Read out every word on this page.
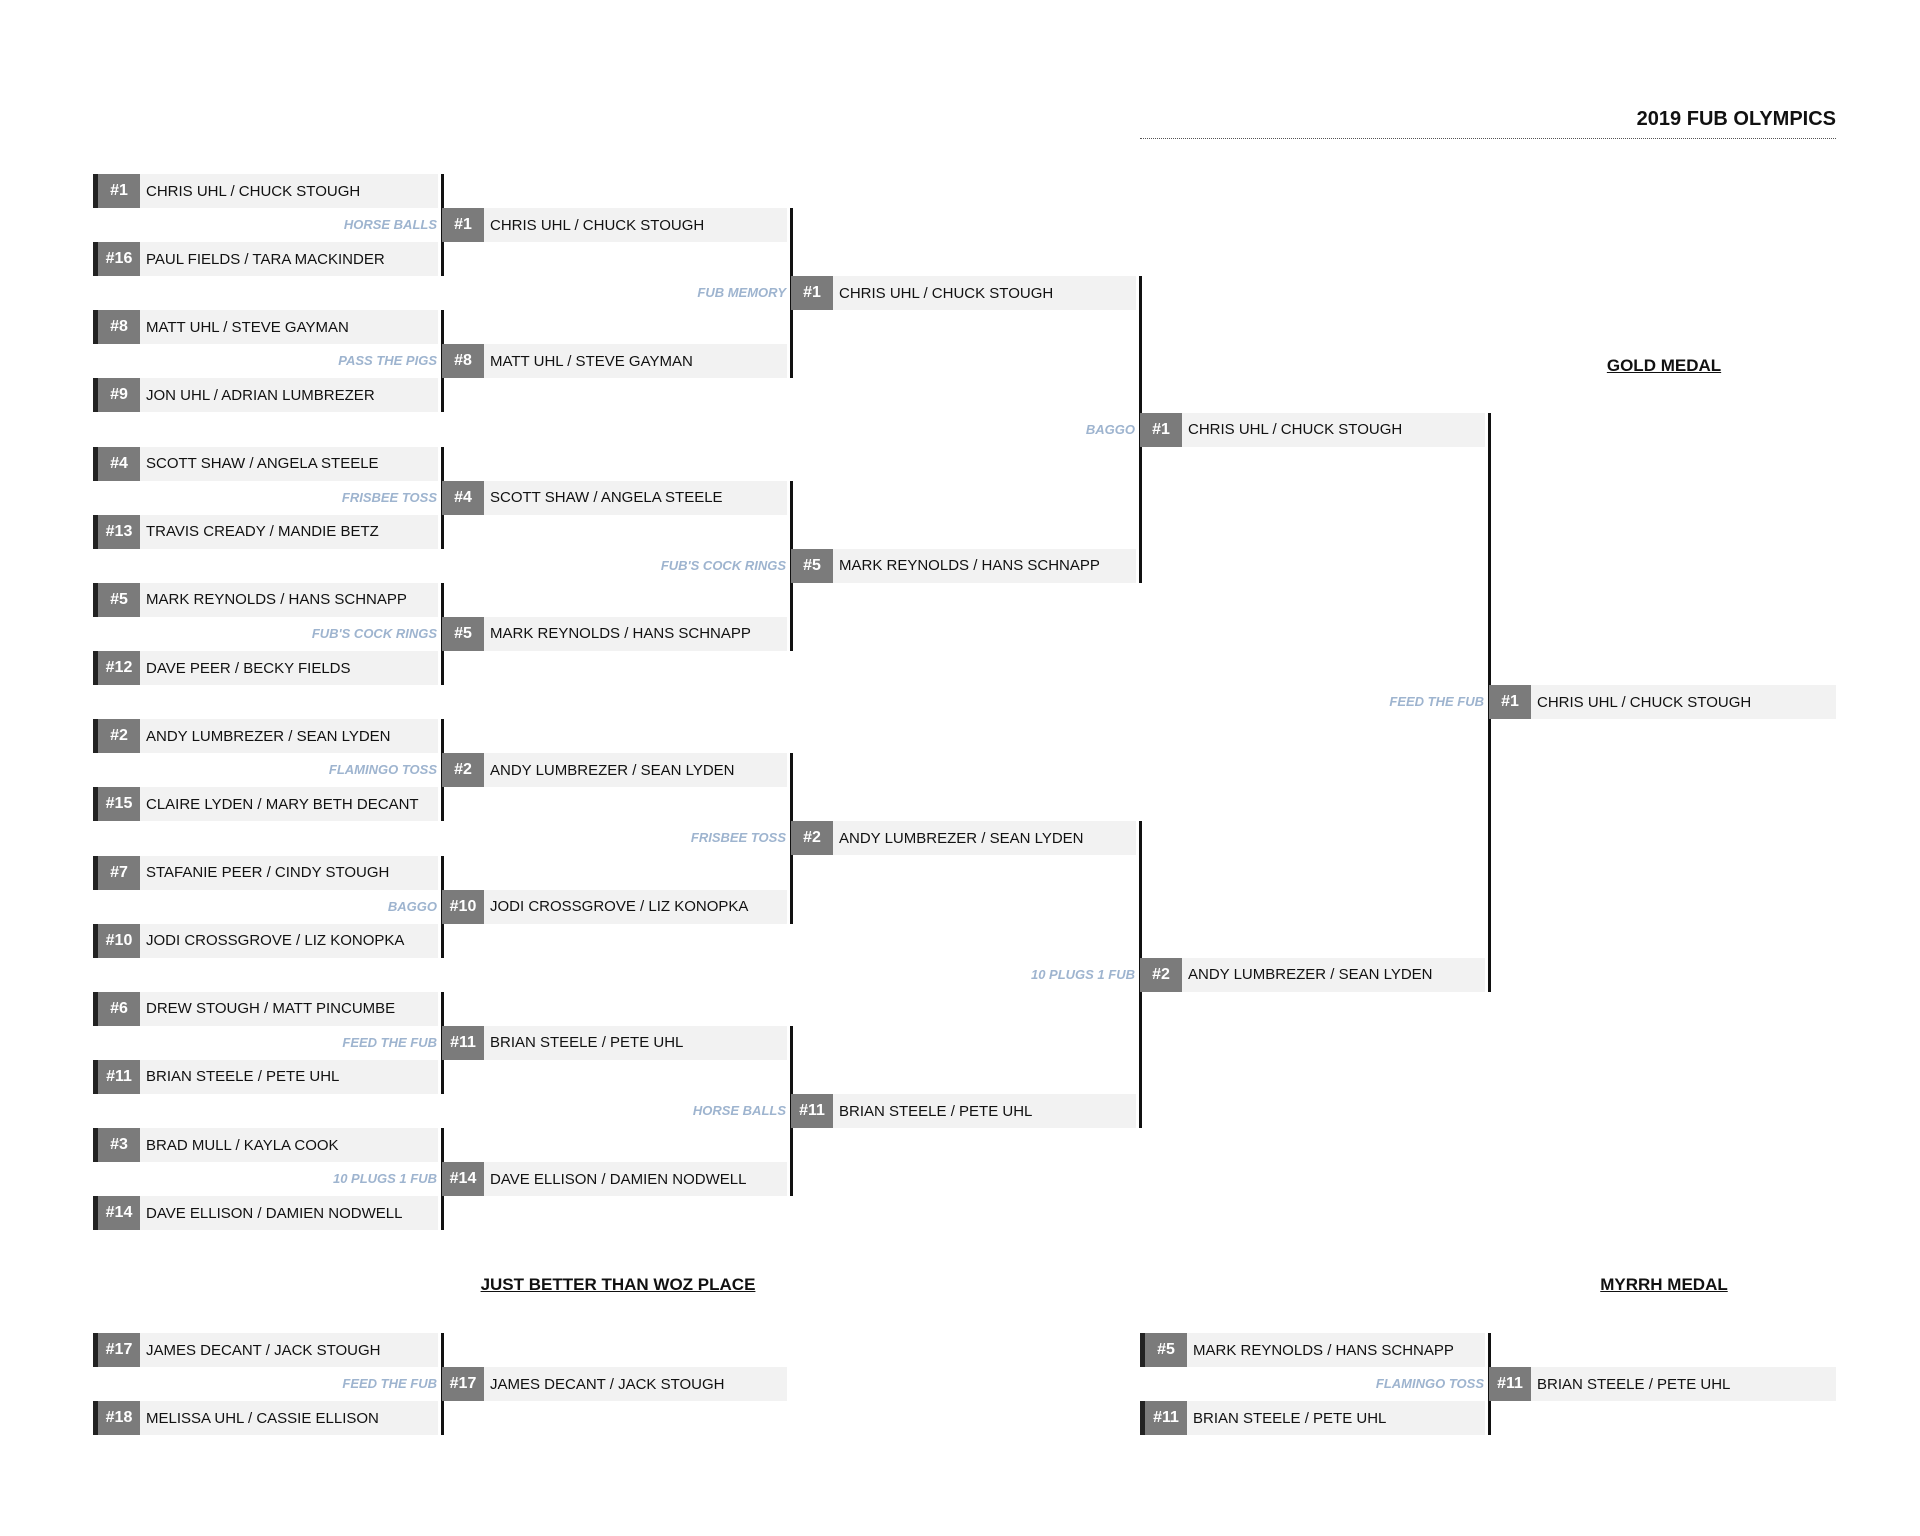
2019 FUB OLYMPICS
GOLD MEDAL
JUST BETTER THAN WOZ PLACE	MYRRH MEDAL
#1	CHRIS UHL / CHUCK STOUGH
#16 PAUL FIELDS / TARA MACKINDER
#8	MATT UHL / STEVE GAYMAN
#9	JON UHL / ADRIAN LUMBREZER
#4	SCOTT SHAW / ANGELA STEELE
#13 TRAVIS CREADY / MANDIE BETZ
#5	MARK REYNOLDS / HANS SCHNAPP
#12 DAVE PEER / BECKY FIELDS
#2	ANDY LUMBREZER / SEAN LYDEN
#15 CLAIRE LYDEN / MARY BETH DECANT
#7	STAFANIE PEER / CINDY STOUGH
#10 JODI CROSSGROVE / LIZ KONOPKA
#6	DREW STOUGH / MATT PINCUMBE
#11 BRIAN STEELE / PETE UHL
#3	BRAD MULL / KAYLA COOK
#14 DAVE ELLISON / DAMIEN NODWELL
#1	CHRIS UHL / CHUCK STOUGH
HORSE BALLS
#8	MATT UHL / STEVE GAYMAN
PASS THE PIGS
#4	SCOTT SHAW / ANGELA STEELE
FRISBEE TOSS
#5	MARK REYNOLDS / HANS SCHNAPP
FUB'S COCK RINGS
#2	ANDY LUMBREZER / SEAN LYDEN
FLAMINGO TOSS
#10 JODI CROSSGROVE / LIZ KONOPKA
BAGGO
#11 BRIAN STEELE / PETE UHL
FEED THE FUB
#14 DAVE ELLISON / DAMIEN NODWELL
10 PLUGS 1 FUB
#1	CHRIS UHL / CHUCK STOUGH
FUB MEMORY
#5	MARK REYNOLDS / HANS SCHNAPP
FUB'S COCK RINGS
#2	ANDY LUMBREZER / SEAN LYDEN
FRISBEE TOSS
#11 BRIAN STEELE / PETE UHL
HORSE BALLS
#1	CHRIS UHL / CHUCK STOUGH
BAGGO
#2	ANDY LUMBREZER / SEAN LYDEN
10 PLUGS 1 FUB
#1	CHRIS UHL / CHUCK STOUGH
FEED THE FUB
#17 JAMES DECANT / JACK STOUGH
#18 MELISSA UHL / CASSIE ELLISON
#17 JAMES DECANT / JACK STOUGH
FEED THE FUB
#5	MARK REYNOLDS / HANS SCHNAPP
#11 BRIAN STEELE / PETE UHL
#11 BRIAN STEELE / PETE UHL
FLAMINGO TOSS
